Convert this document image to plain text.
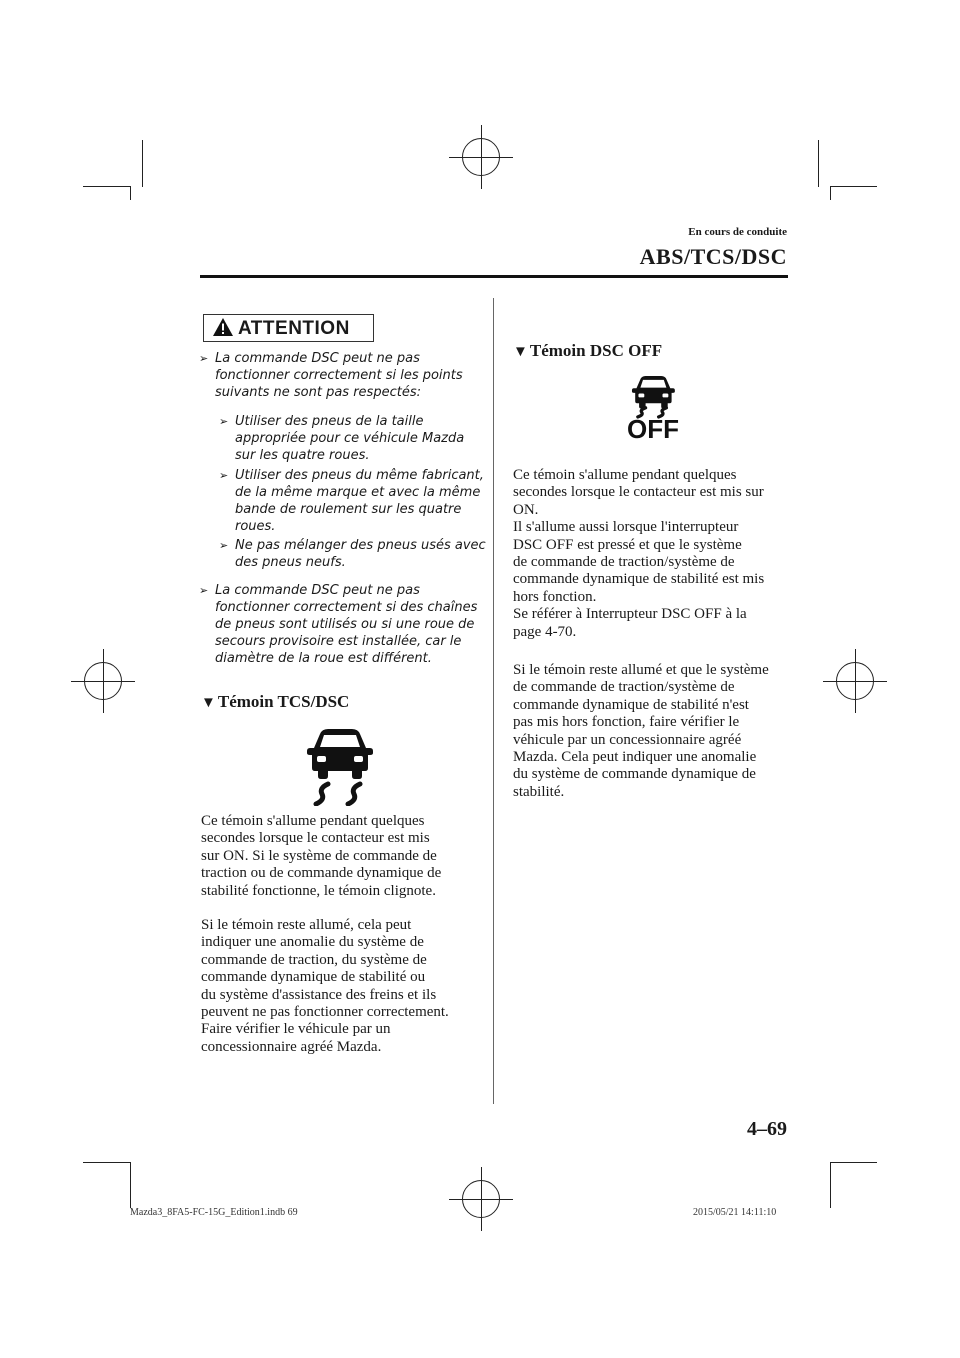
En cours de conduite
ABS/TCS/DSC
ATTENTION
➢ La commande DSC peut ne pas
fonctionner correctement si les points
suivants ne sont pas respectés:
➢ Utiliser des pneus de la taille
appropriée pour ce véhicule Mazda
sur les quatre roues.
➢ Utiliser des pneus du même fabricant,
de la même marque et avec la même
bande de roulement sur les quatre
roues.
➢ Ne pas mélanger des pneus usés avec
des pneus neufs.
➢ La commande DSC peut ne pas
fonctionner correctement si des chaînes
de pneus sont utilisés ou si une roue de
secours provisoire est installée, car le
diamètre de la roue est différent.
▼ Témoin TCS/DSC
Ce témoin s'allume pendant quelques
secondes lorsque le contacteur est mis
sur ON. Si le système de commande de
traction ou de commande dynamique de
stabilité fonctionne, le témoin clignote.
Si le témoin reste allumé, cela peut
indiquer une anomalie du système de
commande de traction, du système de
commande dynamique de stabilité ou
du système d'assistance des freins et ils
peuvent ne pas fonctionner correctement.
Faire vérifier le véhicule par un
concessionnaire agréé Mazda.
▼ Témoin DSC OFF
OFF
Ce témoin s'allume pendant quelques
secondes lorsque le contacteur est mis sur
ON.
Il s'allume aussi lorsque l'interrupteur
DSC OFF est pressé et que le système
de commande de traction/système de
commande dynamique de stabilité est mis
hors fonction.
Se référer à Interrupteur DSC OFF à la
page 4-70.
Si le témoin reste allumé et que le système
de commande de traction/système de
commande dynamique de stabilité n'est
pas mis hors fonction, faire vérifier le
véhicule par un concessionnaire agréé
Mazda. Cela peut indiquer une anomalie
du système de commande dynamique de
stabilité.
4–69
Mazda3_8FA5-FC-15G_Edition1.indb 69	2015/05/21 14:11:10
